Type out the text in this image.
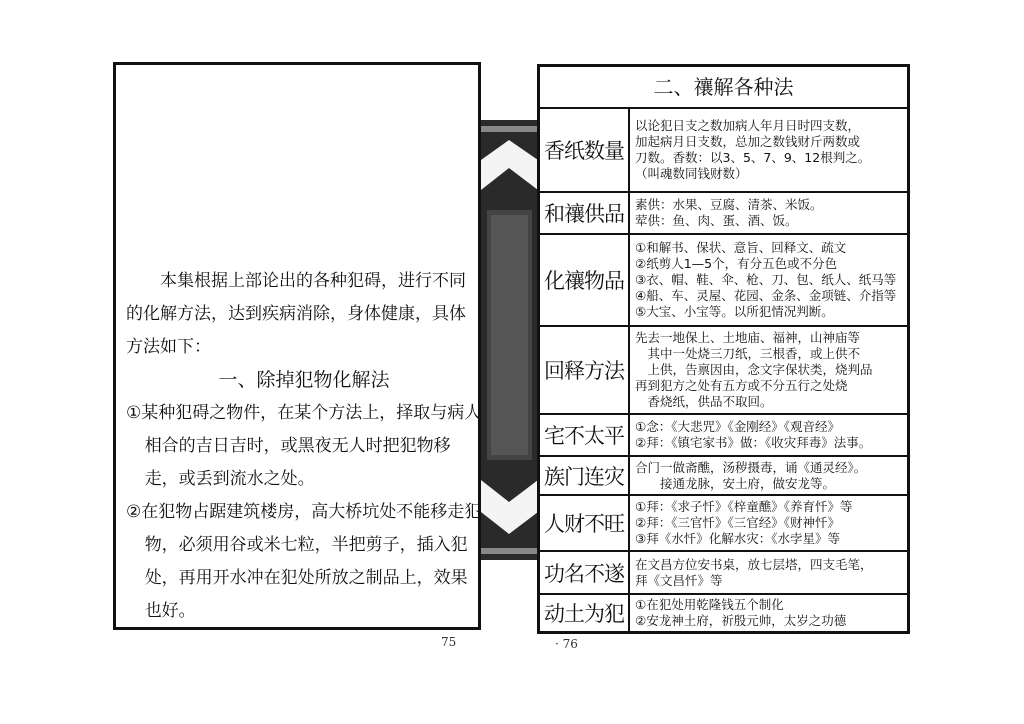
本集根据上部论出的各种犯碍，进行不同的化解方法，达到疾病消除，身体健康，具体方法如下：

一、除掉犯物化解法

①某种犯碍之物件，在某个方法上，择取与病人相合的吉日吉时，或黑夜无人时把犯物移走，或丢到流水之处。

②在犯物占踞建筑楼房，高大桥坑处不能移走犯物，必须用谷或米七粒，半把剪子，插入犯处，再用开水冲在犯处所放之制品上，效果也好。

75
二、禳解各种法
香纸数量	以论犯日支之数加病人年月日时四支数，
加起病月日支数，总加之数钱财斤两数或
刀数。香数：以3、5、7、9、12根判之。
（叫魂数同钱财数）

和禳供品	素供：水果、豆腐、清茶、米饭。
荤供：鱼、肉、蛋、酒、饭。

化禳物品	①和解书、保状、意旨、回释文、疏文
②纸剪人1—5个，有分五色或不分色
③衣、帽、鞋、伞、枪、刀、包、纸人、纸马等
④船、车、灵屋、花园、金条、金项链、介指等
⑤大宝、小宝等。以所犯情况判断。

回释方法	先去一地保上、土地庙、福神，山神庙等
　其中一处烧三刀纸，三根香，或上供不
　上供，告禀因由，念文字保状类，烧判品
再到犯方之处有五方或不分五行之处烧
　香烧纸，供品不取回。

宅不太平	①念：《大悲咒》《金刚经》《观音经》
②拜：《镇宅家书》做：《收灾拜毒》法事。

族门连灾	合门一做斋醮，汤秽摄毒，诵《通灵经》。
　　接通龙脉，安土府，做安龙等。

人财不旺	①拜：《求子忏》《梓童醮》《养育忏》等
②拜：《三官忏》《三官经》《财神忏》
③拜《水忏》化解水灾：《水孛星》等

功名不遂	在文昌方位安书桌，放七层塔，四支毛笔，
拜《文昌忏》等

动土为犯	①在犯处用乾隆钱五个制化
②安龙神土府，祈殷元帅，太岁之功德
· 76
